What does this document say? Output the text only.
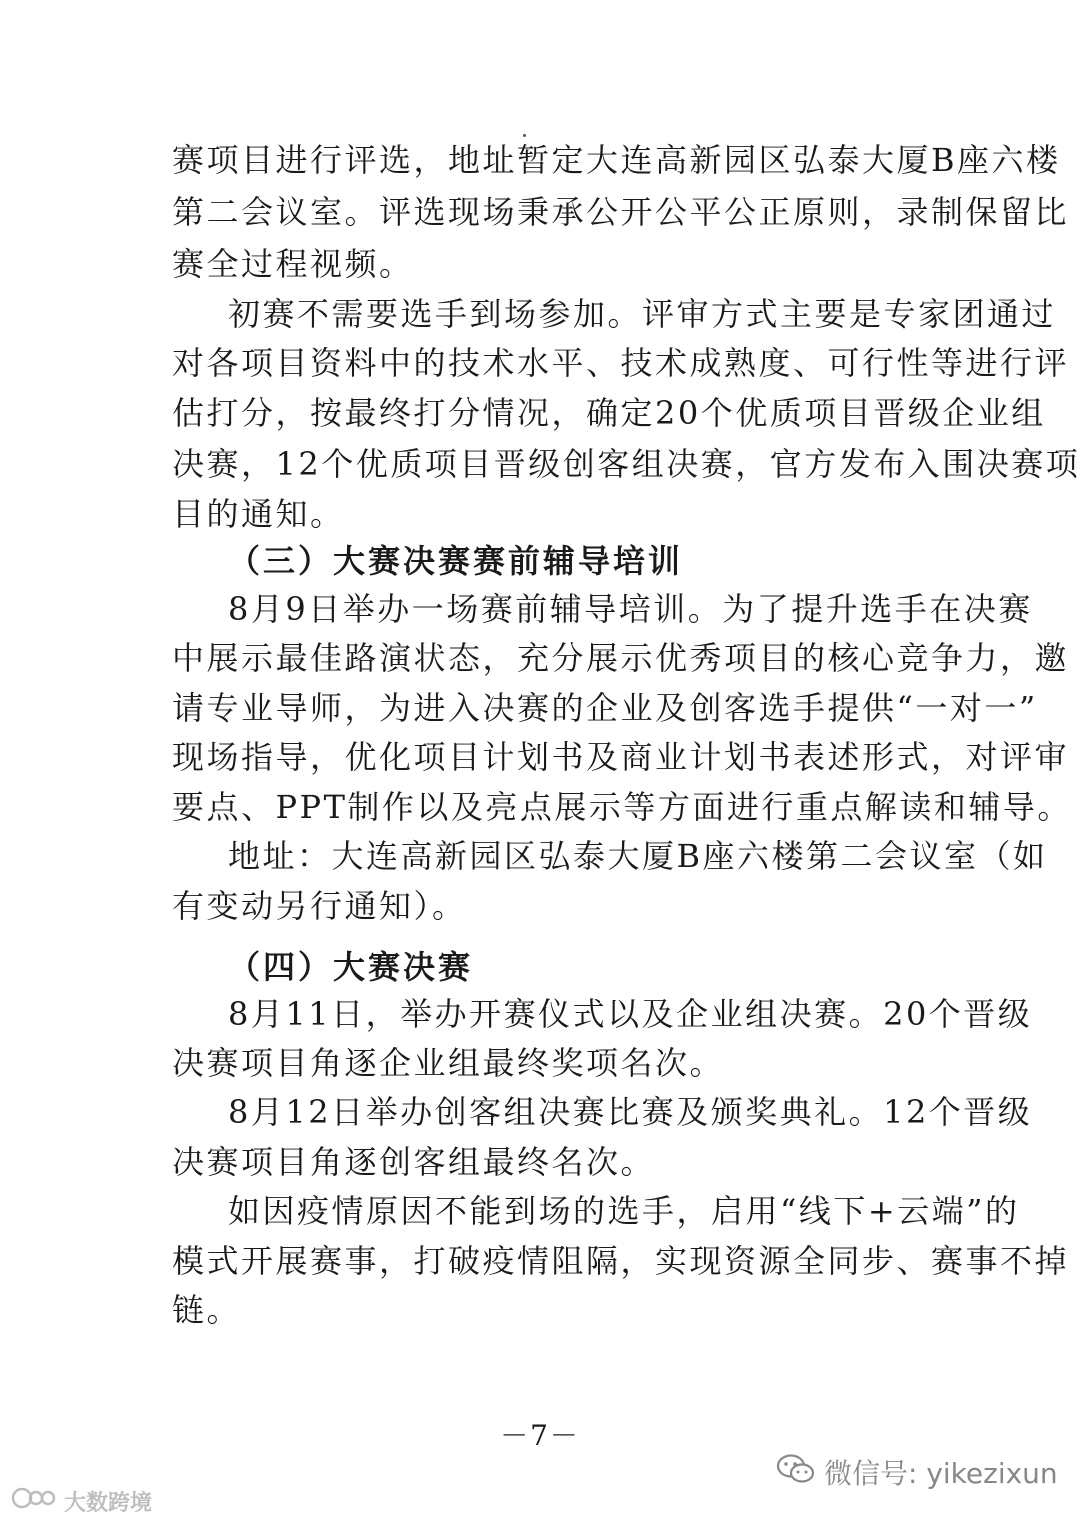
赛项目进行评选，地址暂定大连高新园区弘泰大厦B座六楼
第二会议室。评选现场秉承公开公平公正原则，录制保留比
赛全过程视频。
初赛不需要选手到场参加。评审方式主要是专家团通过
对各项目资料中的技术水平、技术成熟度、可行性等进行评
估打分，按最终打分情况，确定20个优质项目晋级企业组
决赛，12个优质项目晋级创客组决赛，官方发布入围决赛项
目的通知。
（三）大赛决赛赛前辅导培训
8月9日举办一场赛前辅导培训。为了提升选手在决赛
中展示最佳路演状态，充分展示优秀项目的核心竞争力，邀
请专业导师，为进入决赛的企业及创客选手提供“一对一”
现场指导，优化项目计划书及商业计划书表述形式，对评审
要点、PPT制作以及亮点展示等方面进行重点解读和辅导。
地址：大连高新园区弘泰大厦B座六楼第二会议室（如
有变动另行通知）。
（四）大赛决赛
8月11日，举办开赛仪式以及企业组决赛。20个晋级
决赛项目角逐企业组最终奖项名次。
8月12日举办创客组决赛比赛及颁奖典礼。12个晋级
决赛项目角逐创客组最终名次。
如因疫情原因不能到场的选手，启用“线下+云端”的
模式开展赛事，打破疫情阻隔，实现资源全同步、赛事不掉
链。
－7－
微信号: yikezixun
大数跨境
